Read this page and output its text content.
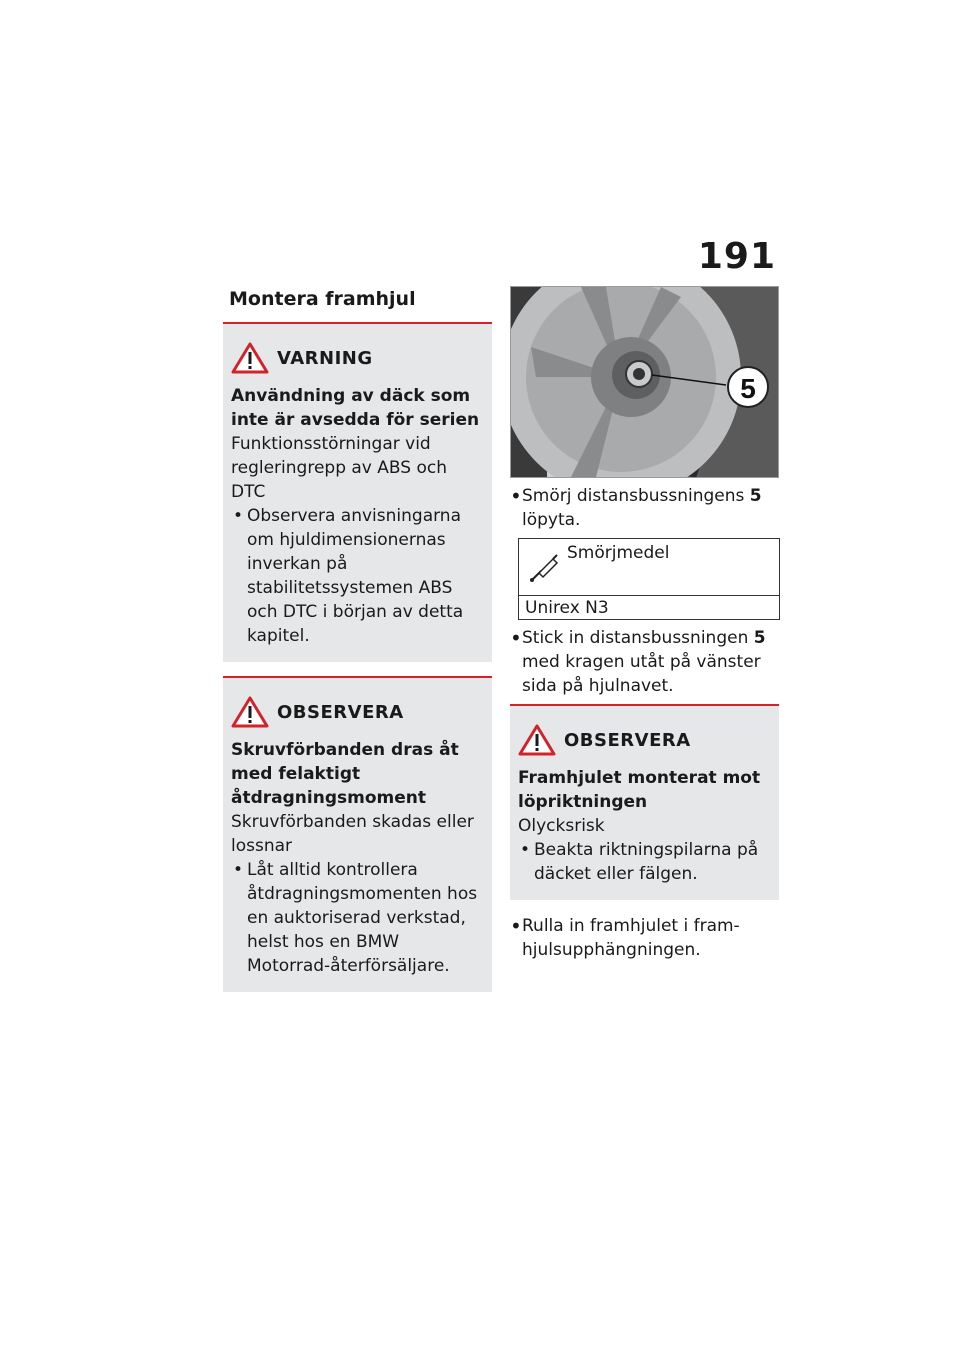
191
Montera framhjul
VARNING
Användning av däck som inte är avsedda för serien
Funktionsstörningar vid regleringrepp av ABS och DTC
• Observera anvisningarna om hjuldimensionernas inverkan på stabilitetssystemen ABS och DTC i början av detta kapitel.
OBSERVERA
Skruvförbanden dras åt med felaktigt åtdragningsmoment
Skruvförbanden skadas eller lossnar
• Låt alltid kontrollera åtdragningsmomenten hos en auktoriserad verkstad, helst hos en BMW Motorrad-återförsäljare.
5
• Smörj distansbussningens 5 löpyta.
Smörjmedel
Unirex N3
• Stick in distansbussningen 5 med kragen utåt på vänster sida på hjulnavet.
OBSERVERA
Framhjulet monterat mot löpriktningen
Olycksrisk
• Beakta riktningspilarna på däcket eller fälgen.
• Rulla in framhjulet i framhjulsupphängningen.
